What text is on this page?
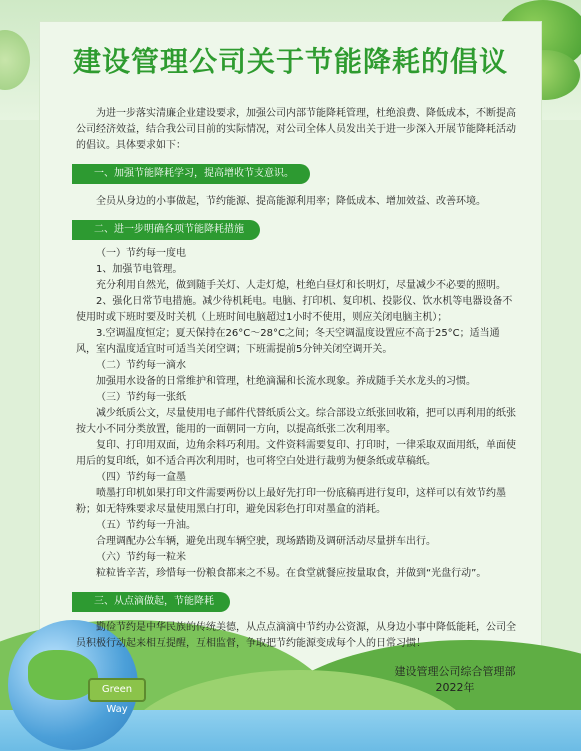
Green Way
建设管理公司关于节能降耗的倡议

为进一步落实清廉企业建设要求，加强公司内部节能降耗管理，杜绝浪费、降低成本，不断提高公司经济效益，结合我公司目前的实际情况，对公司全体人员发出关于进一步深入开展节能降耗活动的倡议。具体要求如下：

一、加强节能降耗学习，提高增收节支意识。

全员从身边的小事做起，节约能源、提高能源利用率；降低成本、增加效益、改善环境。

二、进一步明确各项节能降耗措施

（一）节约每一度电

1、加强节电管理。

充分利用自然光，做到随手关灯、人走灯熄，杜绝白昼灯和长明灯，尽量减少不必要的照明。

2、强化日常节电措施。减少待机耗电。电脑、打印机、复印机、投影仪、饮水机等电器设备不使用时或下班时要及时关机（上班时间电脑超过1小时不使用，则应关闭电脑主机）；

3.空调温度恒定；夏天保持在26°C～28°C之间；冬天空调温度设置应不高于25°C；适当通风，室内温度适宜时可适当关闭空调；下班需提前5分钟关闭空调开关。

（二）节约每一滴水

加强用水设备的日常维护和管理，杜绝滴漏和长流水现象。养成随手关水龙头的习惯。

（三）节约每一张纸

减少纸质公文，尽量使用电子邮件代替纸质公文。综合部设立纸张回收箱，把可以再利用的纸张按大小不同分类放置，能用的一面朝同一方向，以提高纸张二次利用率。

复印、打印用双面，边角余料巧利用。文件资料需要复印、打印时，一律采取双面用纸，单面使用后的复印纸，如不适合再次利用时，也可将空白处进行裁剪为便条纸或草稿纸。

（四）节约每一盒墨

喷墨打印机如果打印文件需要两份以上最好先打印一份底稿再进行复印，这样可以有效节约墨粉；如无特殊要求尽量使用黑白打印，避免因彩色打印对墨盒的消耗。

（五）节约每一升油。

合理调配办公车辆，避免出现车辆空驶，现场踏勘及调研活动尽量拼车出行。

（六）节约每一粒米

粒粒皆辛苦，珍惜每一份粮食都来之不易。在食堂就餐应按量取食，并做到“光盘行动”。

三、从点滴做起，节能降耗

勤俭节约是中华民族的传统美德，从点点滴滴中节约办公资源，从身边小事中降低能耗，公司全员积极行动起来相互提醒，互相监督，争取把节约能源变成每个人的日常习惯！

建设管理公司综合管理部
2022年
